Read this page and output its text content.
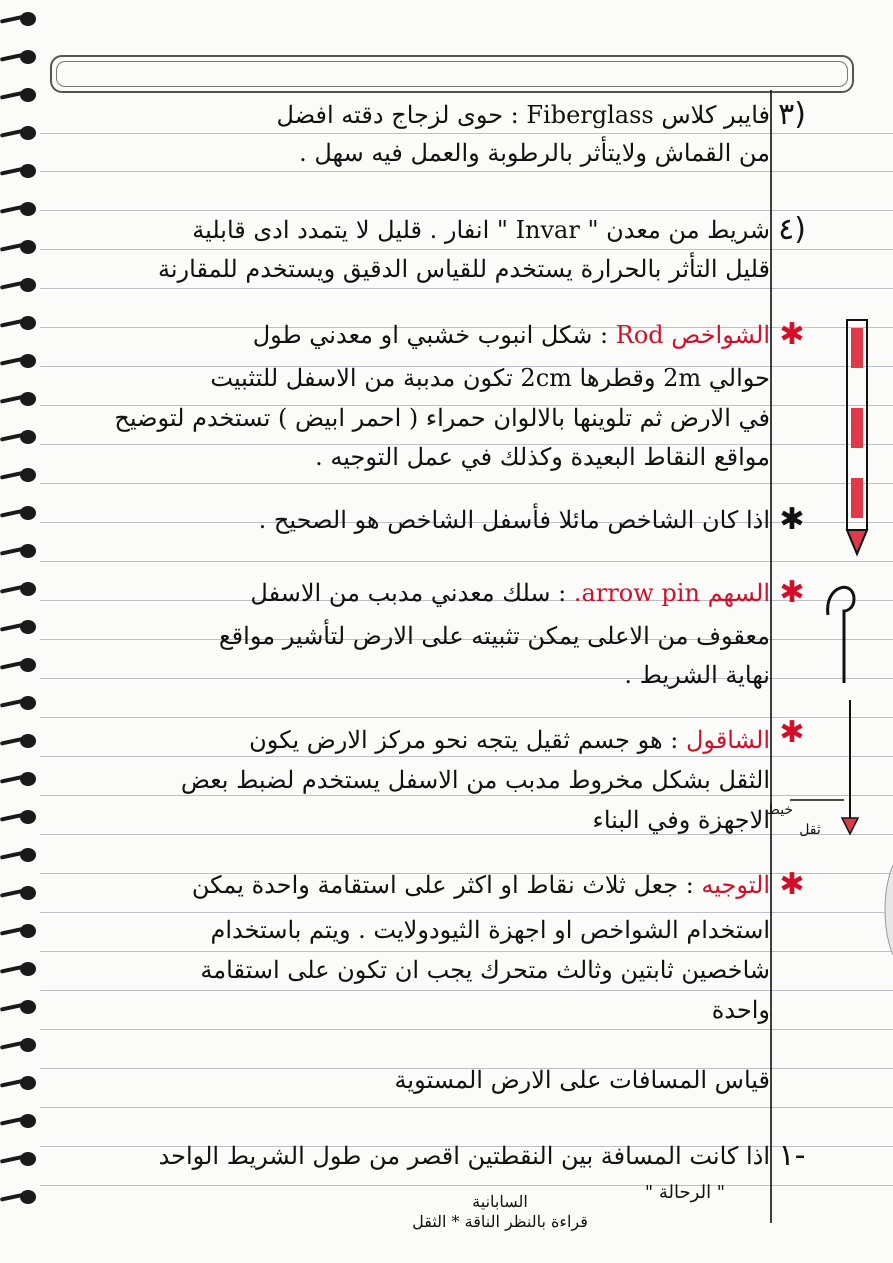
٣)
٤)
✱
✱
✱
✱
✱
١-
فايبر كلاس Fiberglass : حوى لزجاج دقته افضل
من القماش ولايتأثر بالرطوبة والعمل فيه سهل .
شريط من معدن " Invar " انفار . قليل لا يتمدد ادى قابلية
قليل التأثر بالحرارة يستخدم للقياس الدقيق ويستخدم للمقارنة
الشواخص Rod : شكل انبوب خشبي او معدني طول
حوالي 2m وقطرها 2cm تكون مدببة من الاسفل للتثبيت
في الارض ثم تلوينها بالالوان حمراء ( احمر ابيض ) تستخدم لتوضيح
مواقع النقاط البعيدة وكذلك في عمل التوجيه .
اذا كان الشاخص مائلا فأسفل الشاخص هو الصحيح .
السهم arrow pin. : سلك معدني مدبب من الاسفل
معقوف من الاعلى يمكن تثبيته على الارض لتأشير مواقع
نهاية الشريط .
الشاقول : هو جسم ثقيل يتجه نحو مركز الارض يكون
الثقل بشكل مخروط مدبب من الاسفل يستخدم لضبط بعض
الاجهزة وفي البناء
التوجيه : جعل ثلاث نقاط او اكثر على استقامة واحدة يمكن
استخدام الشواخص او اجهزة الثيودولايت . ويتم باستخدام
شاخصين ثابتين وثالث متحرك يجب ان تكون على استقامة
واحدة
قياس المسافات على الارض المستوية
اذا كانت المسافة بين النقطتين اقصر من طول الشريط الواحد
السابانية
قراءة بالنظر الناقة * الثقل
" الرحالة "
خيط
ثقل
